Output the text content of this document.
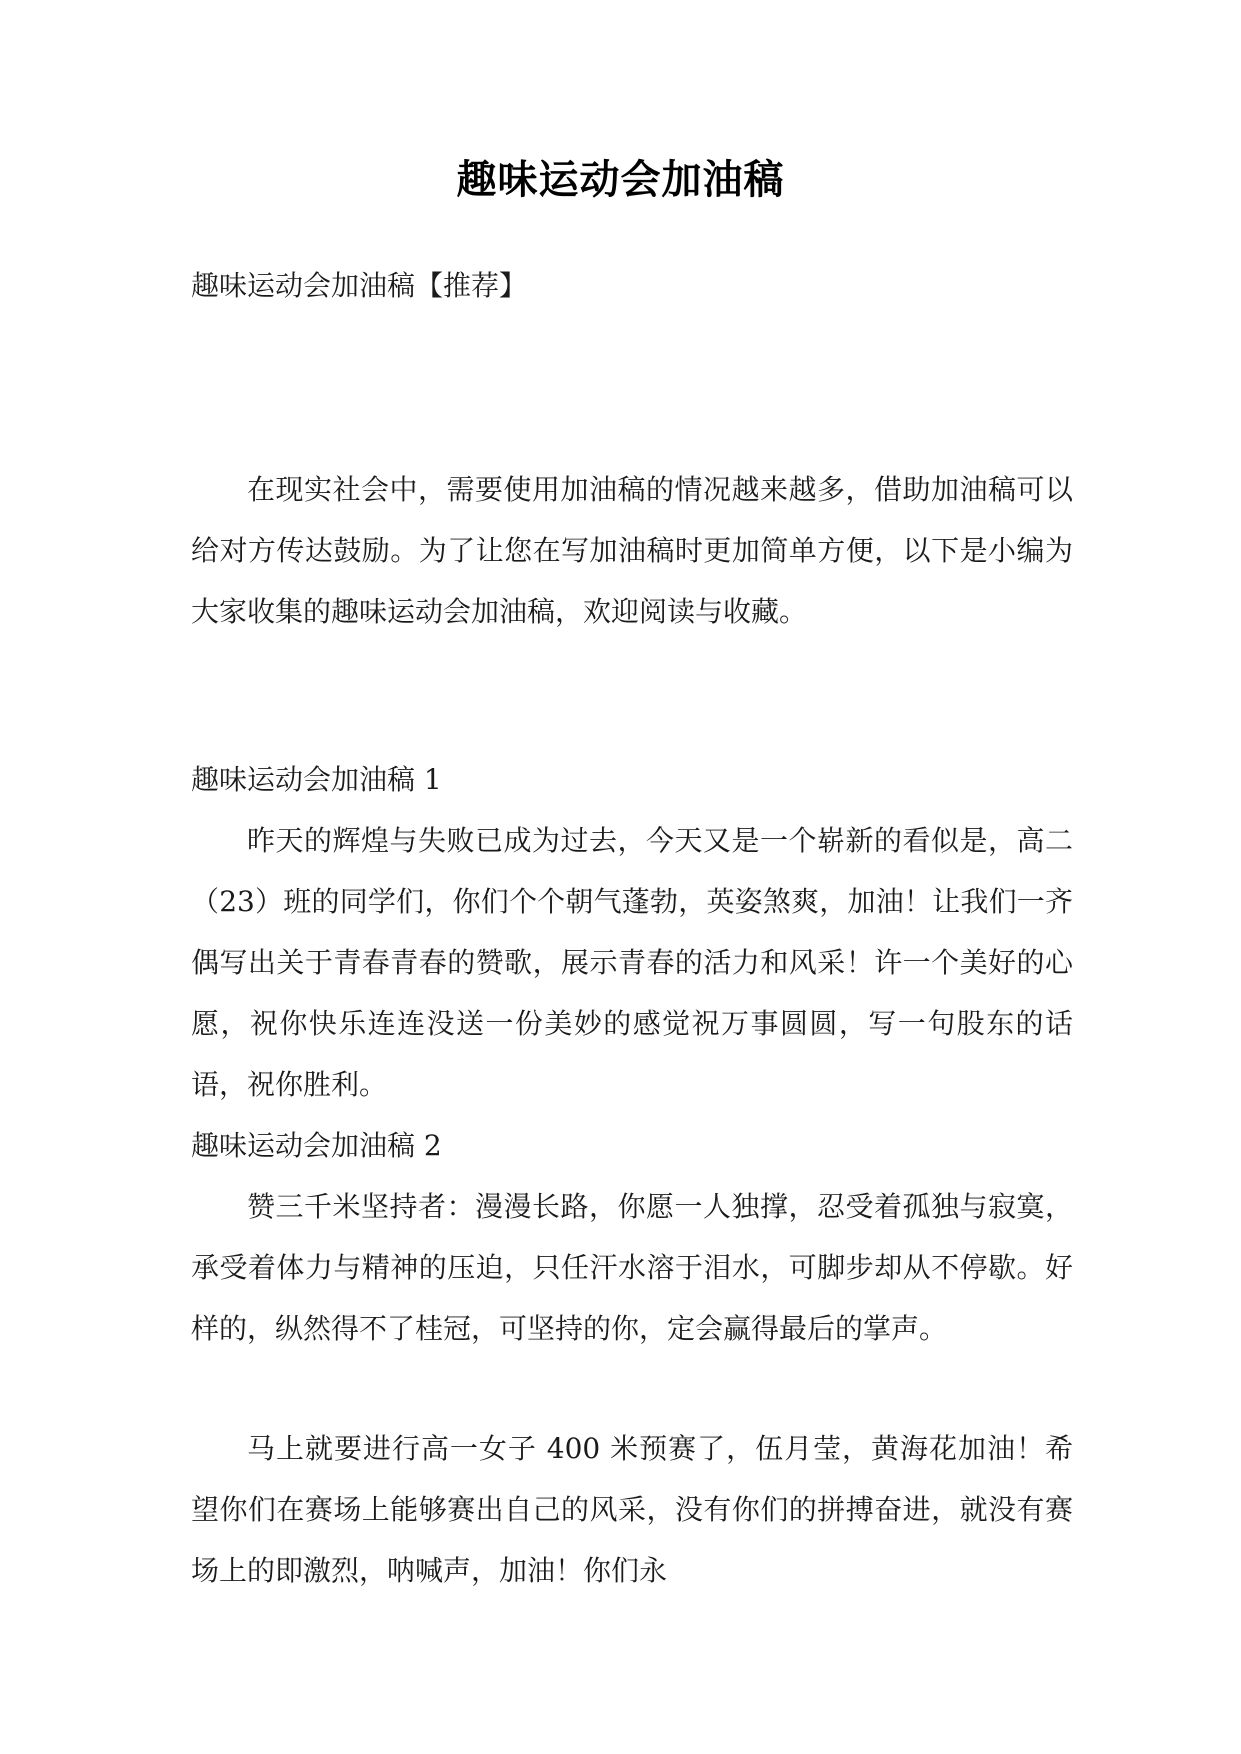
趣味运动会加油稿
趣味运动会加油稿【推荐】

在现实社会中，需要使用加油稿的情况越来越多，借助加油稿可以给对方传达鼓励。为了让您在写加油稿时更加简单方便，以下是小编为大家收集的趣味运动会加油稿，欢迎阅读与收藏。

趣味运动会加油稿 1

昨天的辉煌与失败已成为过去，今天又是一个崭新的看似是，高二（23）班的同学们，你们个个朝气蓬勃，英姿煞爽，加油！让我们一齐偶写出关于青春青春的赞歌，展示青春的活力和风采！许一个美好的心愿，祝你快乐连连没送一份美妙的感觉祝万事圆圆，写一句股东的话语，祝你胜利。

趣味运动会加油稿 2

赞三千米坚持者：漫漫长路，你愿一人独撑，忍受着孤独与寂寞，承受着体力与精神的压迫，只任汗水溶于泪水，可脚步却从不停歇。好样的，纵然得不了桂冠，可坚持的你，定会赢得最后的掌声。

马上就要进行高一女子 400 米预赛了，伍月莹，黄海花加油！希望你们在赛场上能够赛出自己的风采，没有你们的拼搏奋进，就没有赛场上的即激烈，呐喊声，加油！你们永
